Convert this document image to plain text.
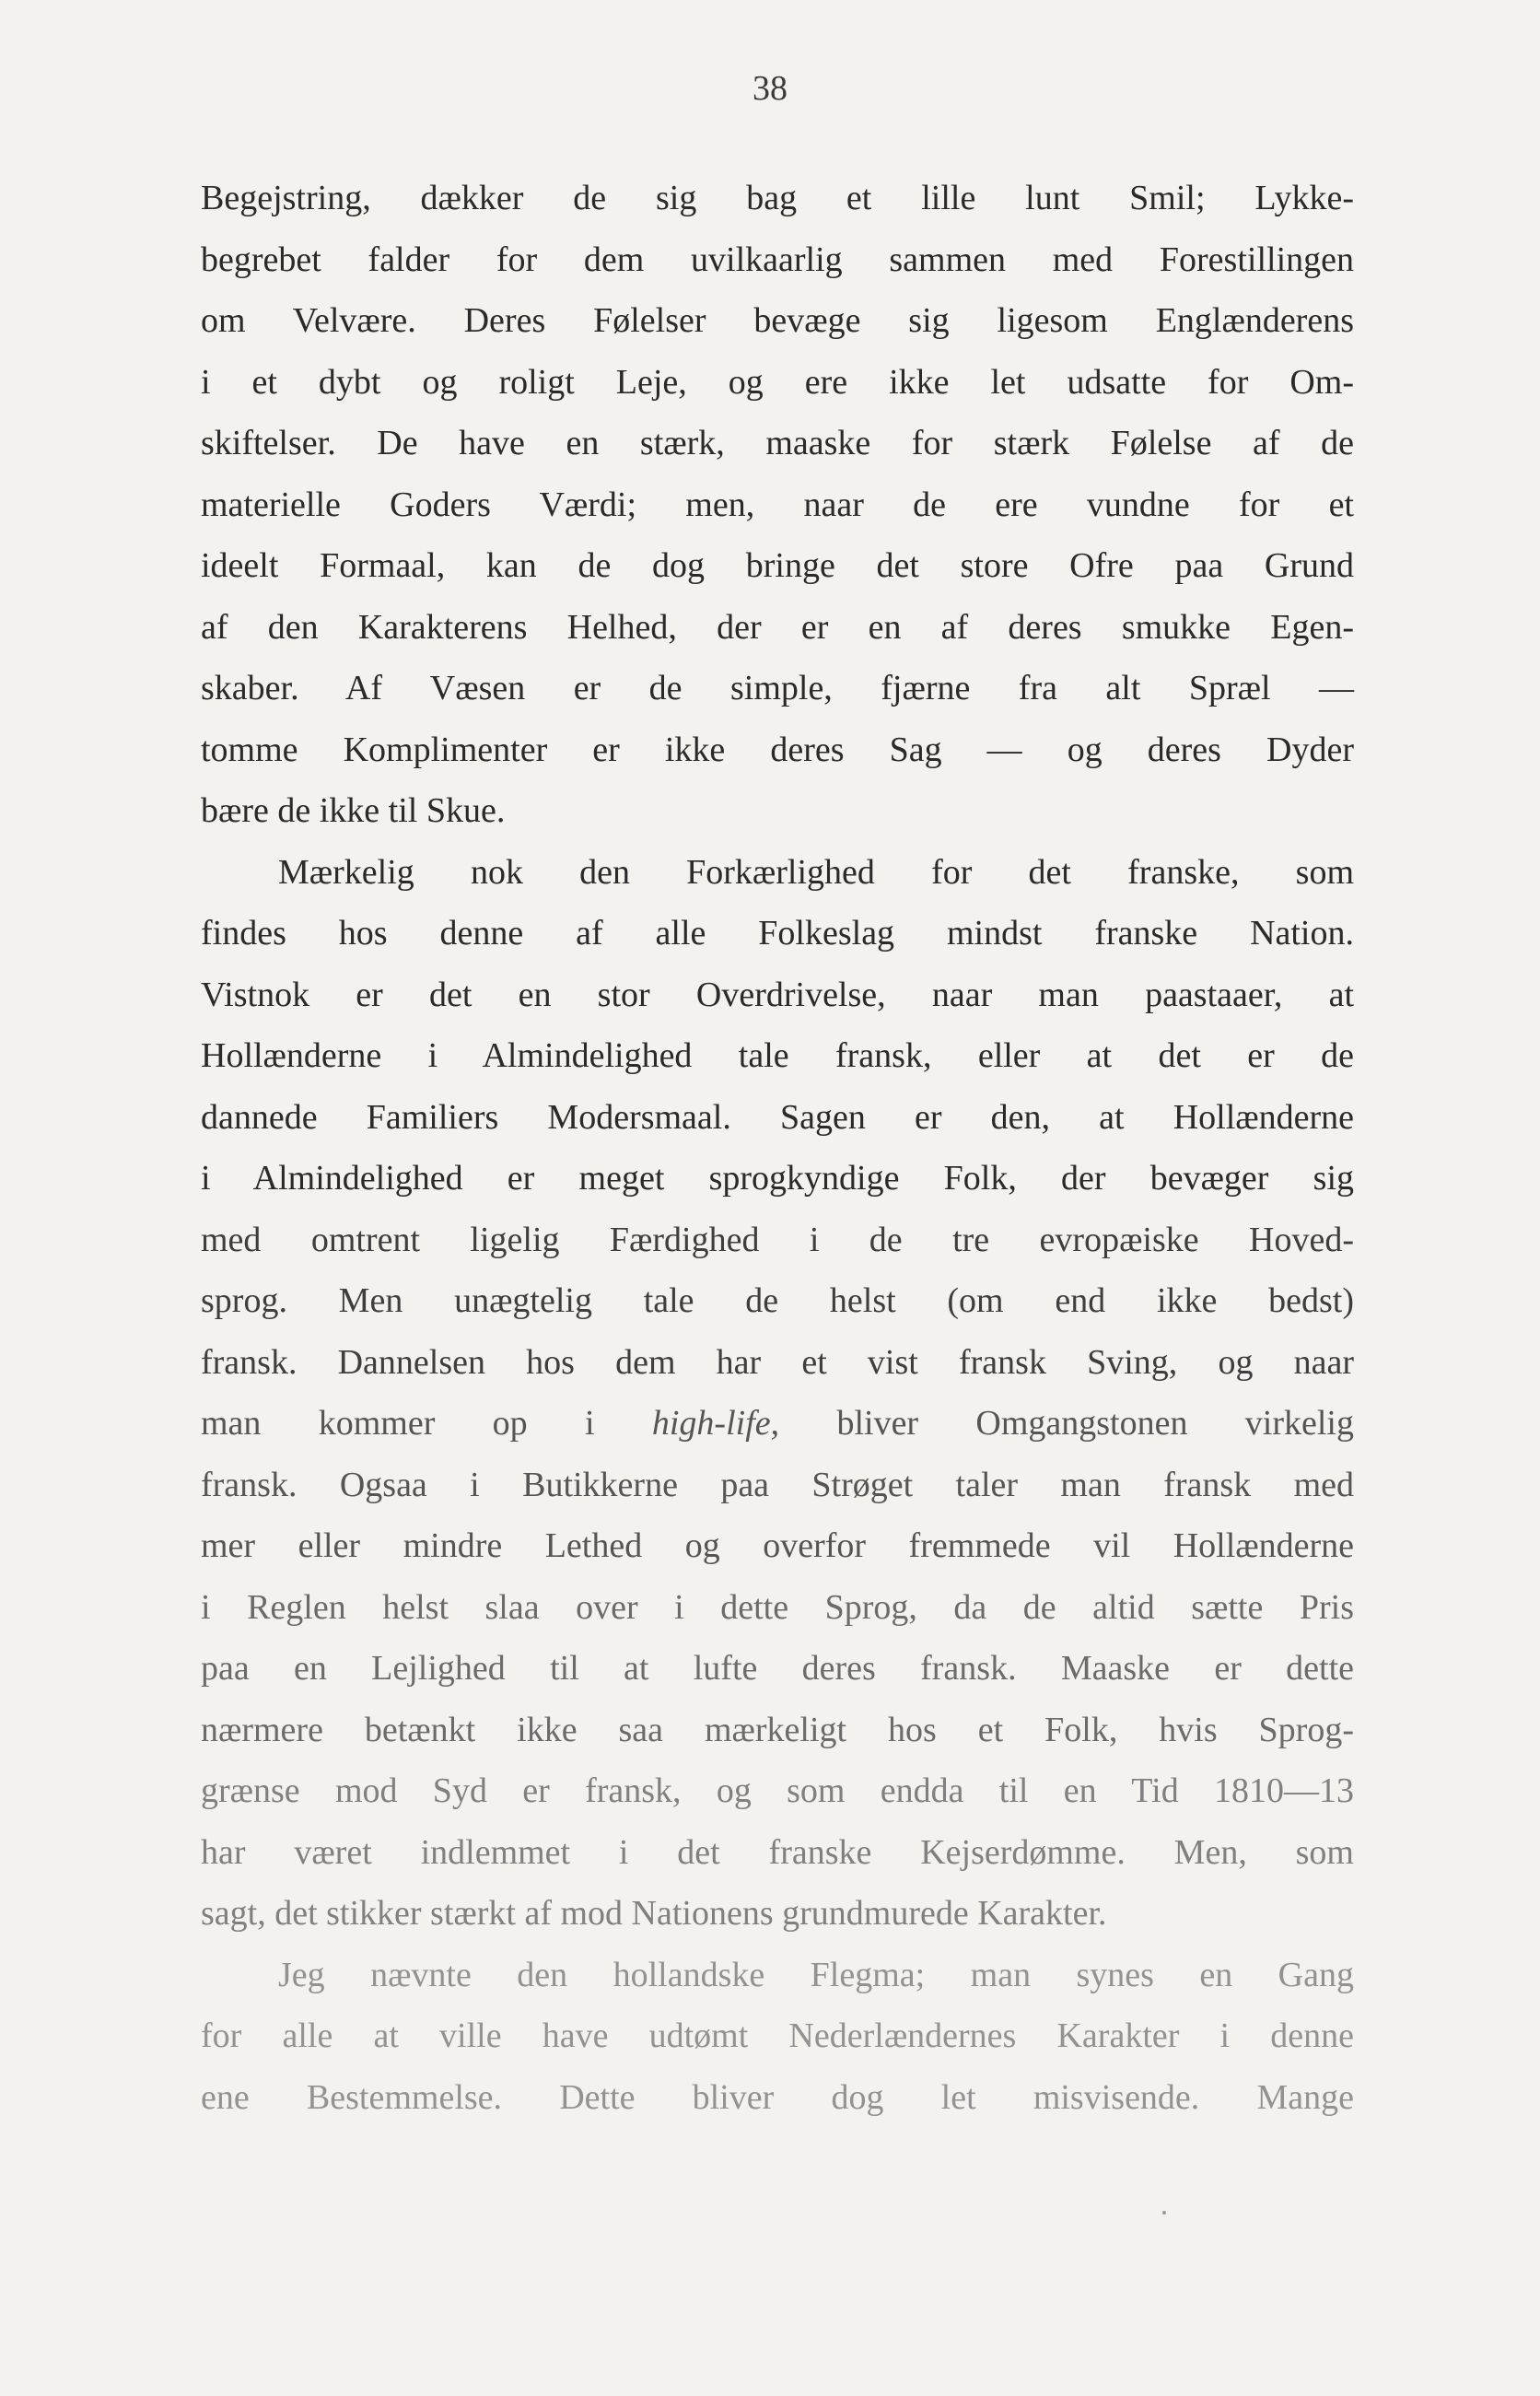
38
Begejstring, dækker de sig bag et lille lunt Smil; Lykke-
begrebet falder for dem uvilkaarlig sammen med Forestillingen
om Velvære. Deres Følelser bevæge sig ligesom Englænderens
i et dybt og roligt Leje, og ere ikke let udsatte for Om-
skiftelser. De have en stærk, maaske for stærk Følelse af de
materielle Goders Værdi; men, naar de ere vundne for et
ideelt Formaal, kan de dog bringe det store Ofre paa Grund
af den Karakterens Helhed, der er en af deres smukke Egen-
skaber. Af Væsen er de simple, fjærne fra alt Spræl —
tomme Komplimenter er ikke deres Sag — og deres Dyder
bære de ikke til Skue.
Mærkelig nok den Forkærlighed for det franske, som
findes hos denne af alle Folkeslag mindst franske Nation.
Vistnok er det en stor Overdrivelse, naar man paastaaer, at
Hollænderne i Almindelighed tale fransk, eller at det er de
dannede Familiers Modersmaal. Sagen er den, at Hollænderne
i Almindelighed er meget sprogkyndige Folk, der bevæger sig
med omtrent ligelig Færdighed i de tre evropæiske Hoved-
sprog. Men unægtelig tale de helst (om end ikke bedst)
fransk. Dannelsen hos dem har et vist fransk Sving, og naar
man kommer op i high-life, bliver Omgangstonen virkelig
fransk. Ogsaa i Butikkerne paa Strøget taler man fransk med
mer eller mindre Lethed og overfor fremmede vil Hollænderne
i Reglen helst slaa over i dette Sprog, da de altid sætte Pris
paa en Lejlighed til at lufte deres fransk. Maaske er dette
nærmere betænkt ikke saa mærkeligt hos et Folk, hvis Sprog-
grænse mod Syd er fransk, og som endda til en Tid 1810—13
har været indlemmet i det franske Kejserdømme. Men, som
sagt, det stikker stærkt af mod Nationens grundmurede Karakter.
Jeg nævnte den hollandske Flegma; man synes en Gang
for alle at ville have udtømt Nederlændernes Karakter i denne
ene Bestemmelse. Dette bliver dog let misvisende. Mange
